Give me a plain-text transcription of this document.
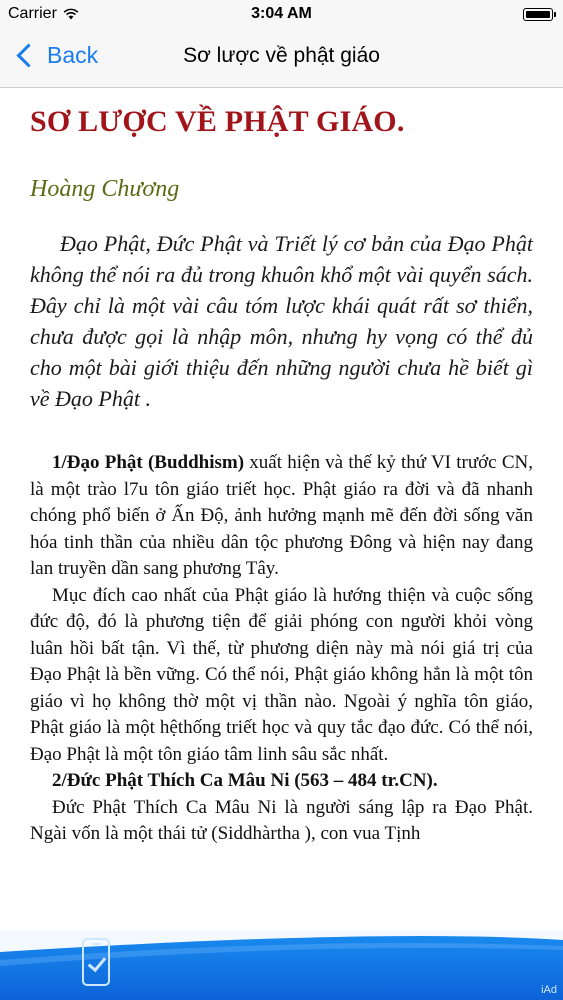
Carrier	3:04 AM
Back	Sơ lược về phật giáo
SƠ LƯỢC VỀ PHẬT GIÁO.
Hoàng Chương

Đạo Phật, Đức Phật và Triết lý cơ bản của Đạo Phật không thể nói ra đủ trong khuôn khổ một vài quyển sách. Đây chỉ là một vài câu tóm lược khái quát rất sơ thiển, chưa được gọi là nhập môn, nhưng hy vọng có thể đủ cho một bài giới thiệu đến những người chưa hề biết gì về Đạo Phật .

1/Đạo Phật (Buddhism) xuất hiện và thế kỷ thứ VI trước CN, là một trào l7u tôn giáo triết học. Phật giáo ra đời và đã nhanh chóng phổ biến ở Ấn Độ, ảnh hưởng mạnh mẽ đến đời sống văn hóa tinh thần của nhiều dân tộc phương Đông và hiện nay đang lan truyền dần sang phương Tây.

Mục đích cao nhất của Phật giáo là hướng thiện và cuộc sống đức độ, đó là phương tiện để giải phóng con người khỏi vòng luân hồi bất tận. Vì thế, từ phương diện này mà nói giá trị của Đạo Phật là bền vững. Có thể nói, Phật giáo không hẳn là một tôn giáo vì họ không thờ một vị thần nào. Ngoài ý nghĩa tôn giáo, Phật giáo là một hệthống triết học và quy tắc đạo đức. Có thể nói, Đạo Phật là một tôn giáo tâm linh sâu sắc nhất.

2/Đức Phật Thích Ca Mâu Ni (563 – 484 tr.CN).

Đức Phật Thích Ca Mâu Ni là người sáng lập ra Đạo Phật. Ngài vốn là một thái tử (Siddhàrtha ), con vua Tịnh

iAd
